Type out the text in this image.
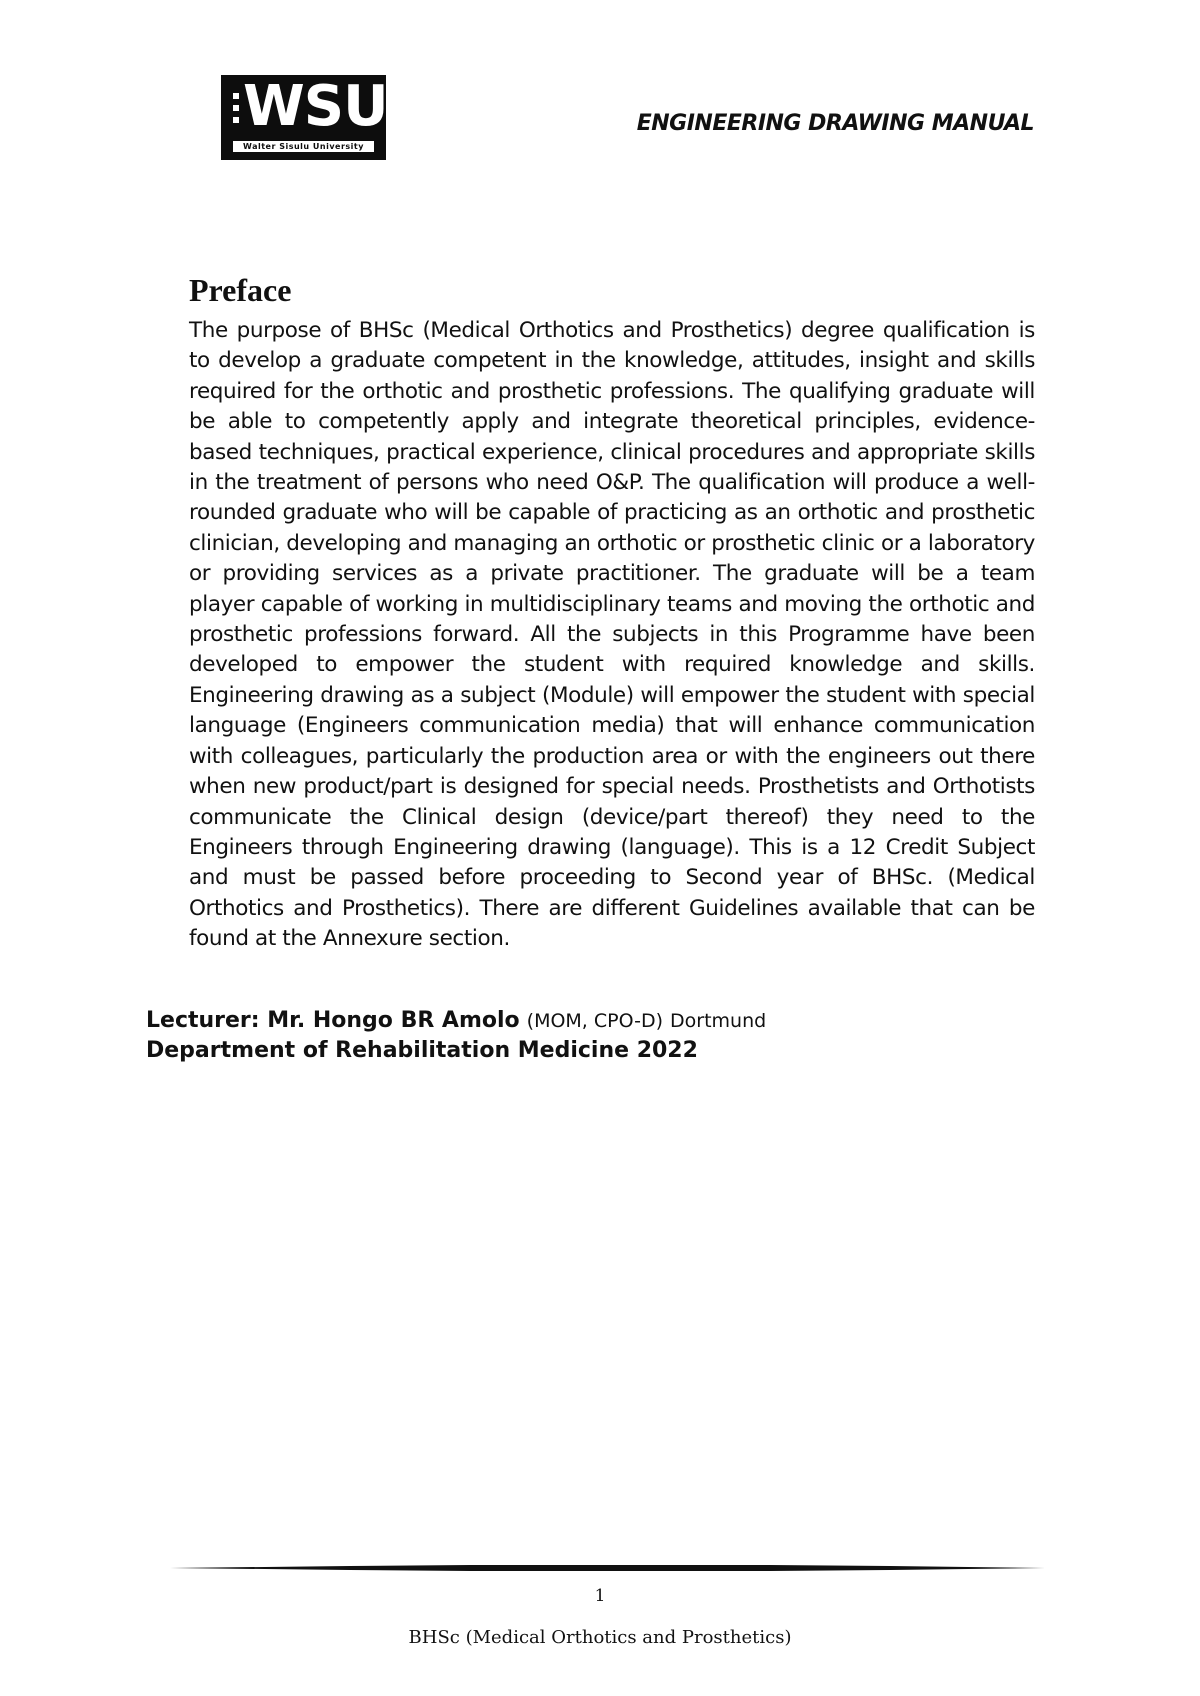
WSU
Walter Sisulu University
ENGINEERING DRAWING MANUAL
Preface

The purpose of BHSc (Medical Orthotics and Prosthetics) degree qualification is to develop a graduate competent in the knowledge, attitudes, insight and skills required for the orthotic and prosthetic professions. The qualifying graduate will be able to competently apply and integrate theoretical principles, evidence-based techniques, practical experience, clinical procedures and appropriate skills in the treatment of persons who need O&P. The qualification will produce a well-rounded graduate who will be capable of practicing as an orthotic and prosthetic clinician, developing and managing an orthotic or prosthetic clinic or a laboratory or providing services as a private practitioner. The graduate will be a team player capable of working in multidisciplinary teams and moving the orthotic and prosthetic professions forward. All the subjects in this Programme have been developed to empower the student with required knowledge and skills. Engineering drawing as a subject (Module) will empower the student with special language (Engineers communication media) that will enhance communication with colleagues, particularly the production area or with the engineers out there when new product/part is designed for special needs. Prosthetists and Orthotists communicate the Clinical design (device/part thereof) they need to the Engineers through Engineering drawing (language). This is a 12 Credit Subject and must be passed before proceeding to Second year of BHSc. (Medical Orthotics and Prosthetics). There are different Guidelines available that can be found at the Annexure section.

Lecturer: Mr. Hongo BR Amolo (MOM, CPO-D) Dortmund
Department of Rehabilitation Medicine 2022
1
BHSc (Medical Orthotics and Prosthetics)
